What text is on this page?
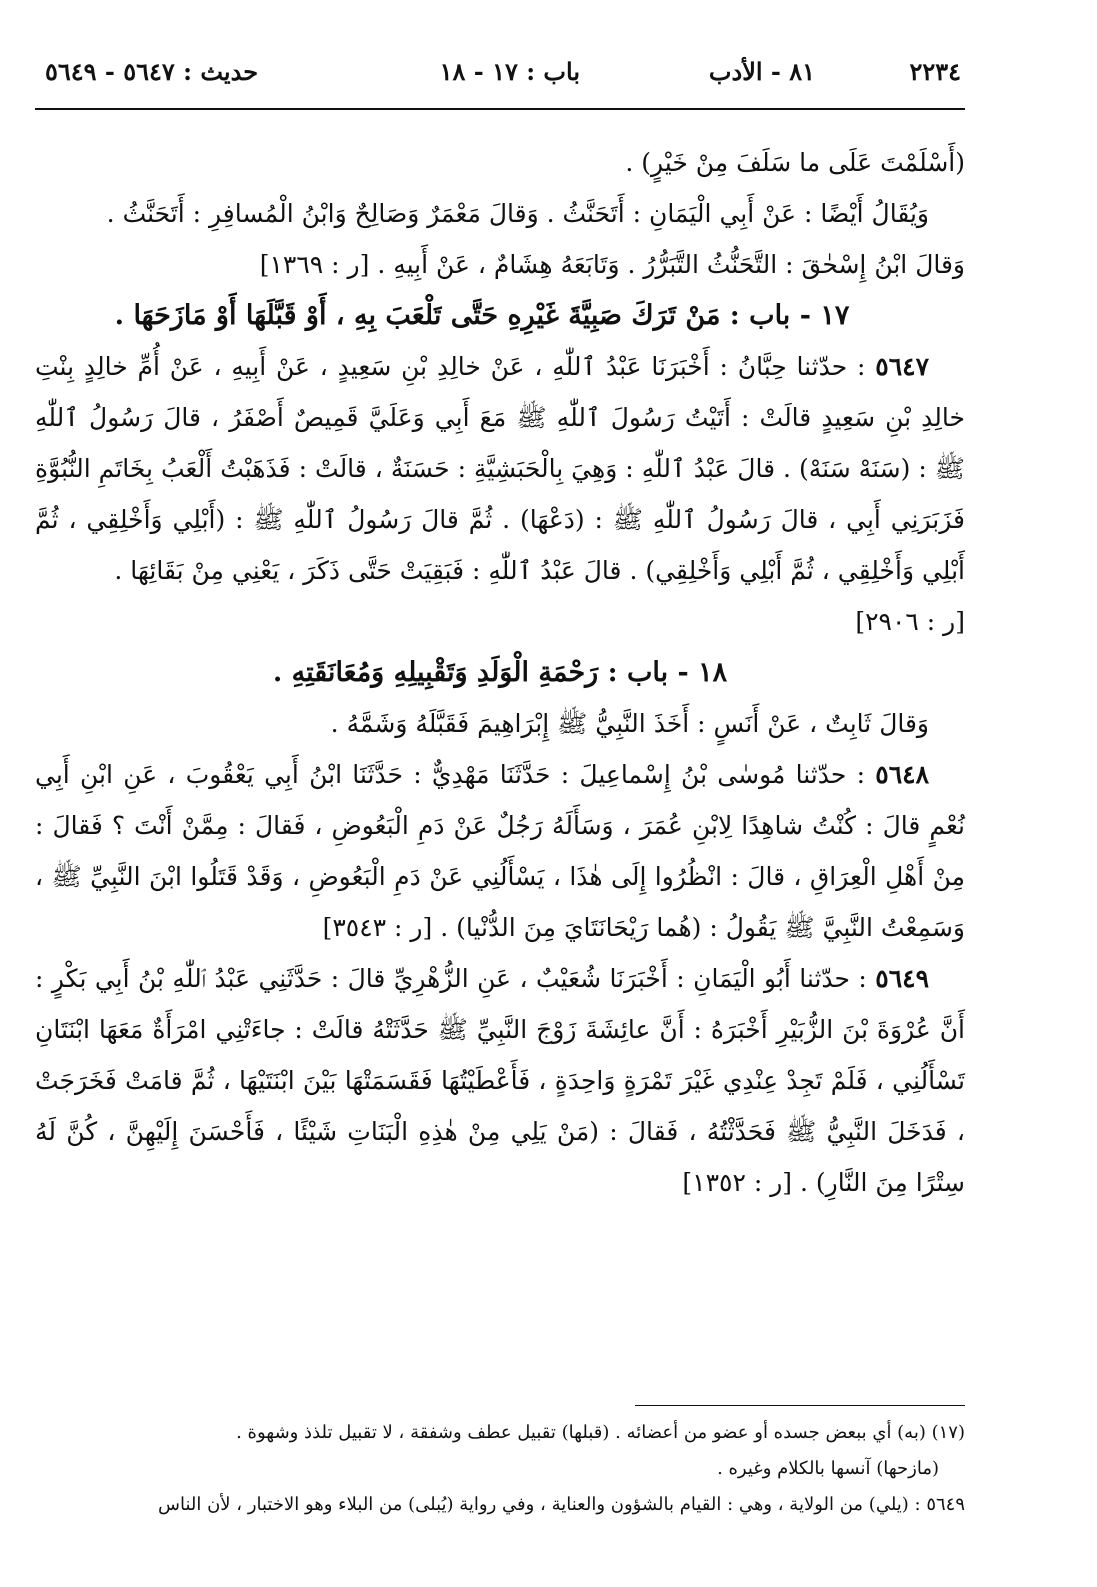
٢٢٣٤
٨١ - الأدب
باب : ١٧ - ١٨
حديث : ٥٦٤٧ - ٥٦٤٩

(أَسْلَمْتَ عَلَى ما سَلَفَ مِنْ خَيْرٍ) .

وَيُقَالُ أَيْضًا : عَنْ أَبِي الْيَمَانِ : أَتَحَنَّثُ . وَقالَ مَعْمَرٌ وَصَالِحٌ وَابْنُ الْمُسافِرِ : أَتَحَنَّثُ .

وَقالَ ابْنُ إِسْحٰقَ : التَّحَنُّثُ التَّبَرُّرُ . وَتَابَعَهُ هِشَامٌ ، عَنْ أَبِيهِ . [ر : ١٣٦٩]

١٧ - باب : مَنْ تَرَكَ صَبِيَّةَ غَيْرِهِ حَتَّى تَلْعَبَ بِهِ ، أَوْ قَبَّلَهَا أَوْ مَازَحَهَا .

٥٦٤٧ : حدّثنا حِبَّانُ : أَخْبَرَنَا عَبْدُ ٱللّٰهِ ، عَنْ خالِدِ بْنِ سَعِيدٍ ، عَنْ أَبِيهِ ، عَنْ أُمِّ خالِدٍ بِنْتِ خالِدِ بْنِ سَعِيدٍ قالَتْ : أَتَيْتُ رَسُولَ ٱللّٰهِ ﷺ مَعَ أَبِي وَعَلَيَّ قَمِيصٌ أَصْفَرُ ، قالَ رَسُولُ ٱللّٰهِ ﷺ : (سَنَهْ سَنَهْ) . قالَ عَبْدُ ٱللّٰهِ : وَهِيَ بِالْحَبَشِيَّةِ : حَسَنَةٌ ، قالَتْ : فَذَهَبْتُ أَلْعَبُ بِخَاتَمِ النُّبُوَّةِ فَزَبَرَنِي أَبِي ، قالَ رَسُولُ ٱللّٰهِ ﷺ : (دَعْهَا) . ثُمَّ قالَ رَسُولُ ٱللّٰهِ ﷺ : (أَبْلِي وَأَخْلِقِي ، ثُمَّ أَبْلِي وَأَخْلِقِي ، ثُمَّ أَبْلِي وَأَخْلِقِي) . قالَ عَبْدُ ٱللّٰهِ : فَبَقِيَتْ حَتَّى ذَكَرَ ، يَعْنِي مِنْ بَقَائِهَا .

[ر : ٢٩٠٦]

١٨ - باب : رَحْمَةِ الْوَلَدِ وَتَقْبِيلِهِ وَمُعَانَقَتِهِ .

وَقالَ ثَابِتٌ ، عَنْ أَنَسٍ : أَخَذَ النَّبِيُّ ﷺ إِبْرَاهِيمَ فَقَبَّلَهُ وَشَمَّهُ .

٥٦٤٨ : حدّثنا مُوسٰى بْنُ إِسْماعِيلَ : حَدَّثَنَا مَهْدِيٌّ : حَدَّثَنَا ابْنُ أَبِي يَعْقُوبَ ، عَنِ ابْنِ أَبِي نُعْمٍ قالَ : كُنْتُ شاهِدًا لِابْنِ عُمَرَ ، وَسَأَلَهُ رَجُلٌ عَنْ دَمِ الْبَعُوضِ ، فَقالَ : مِمَّنْ أَنْتَ ؟ فَقالَ : مِنْ أَهْلِ الْعِرَاقِ ، قالَ : انْظُرُوا إِلَى هٰذَا ، يَسْأَلُنِي عَنْ دَمِ الْبَعُوضِ ، وَقَدْ قَتَلُوا ابْنَ النَّبِيِّ ﷺ ، وَسَمِعْتُ النَّبِيَّ ﷺ يَقُولُ : (هُما رَيْحَانَتَايَ مِنَ الدُّنْيا) . [ر : ٣٥٤٣]

٥٦٤٩ : حدّثنا أَبُو الْيَمَانِ : أَخْبَرَنَا شُعَيْبٌ ، عَنِ الزُّهْرِيِّ قالَ : حَدَّثَنِي عَبْدُ ٱللّٰهِ بْنُ أَبِي بَكْرٍ : أَنَّ عُرْوَةَ بْنَ الزُّبَيْرِ أَخْبَرَهُ : أَنَّ عائِشَةَ زَوْجَ النَّبِيِّ ﷺ حَدَّثَتْهُ قالَتْ : جاءَتْنِي امْرَأَةٌ مَعَهَا ابْنَتَانِ تَسْأَلُنِي ، فَلَمْ تَجِدْ عِنْدِي غَيْرَ تَمْرَةٍ وَاحِدَةٍ ، فَأَعْطَيْتُهَا فَقَسَمَتْهَا بَيْنَ ابْنَتَيْهَا ، ثُمَّ قامَتْ فَخَرَجَتْ ، فَدَخَلَ النَّبِيُّ ﷺ فَحَدَّثْتُهُ ، فَقالَ : (مَنْ يَلِي مِنْ هٰذِهِ الْبَنَاتِ شَيْئًا ، فَأَحْسَنَ إِلَيْهِنَّ ، كُنَّ لَهُ سِتْرًا مِنَ النَّارِ) . [ر : ١٣٥٢]

(١٧) (به) أي ببعض جسده أو عضو من أعضائه . (قبلها) تقبيل عطف وشفقة ، لا تقبيل تلذذ وشهوة .

(مازحها) آنسها بالكلام وغيره .

٥٦٤٩ : (يلي) من الولاية ، وهي : القيام بالشؤون والعناية ، وفي رواية (يُبلى) من البلاء وهو الاختبار ، لأن الناس
